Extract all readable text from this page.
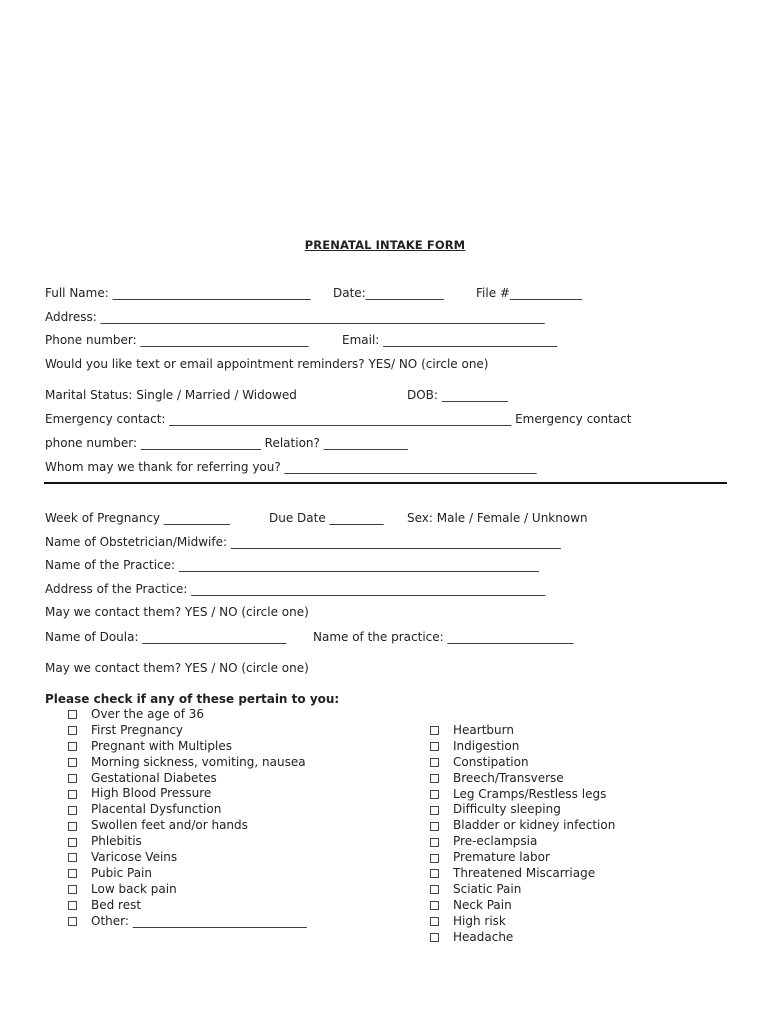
PRENATAL INTAKE FORM
Full Name: _________________________________ Date:_____________	File #____________
Address: __________________________________________________________________________
Phone number: ____________________________	Email: _____________________________
Would you like text or email appointment reminders? YES/ NO (circle one)
Marital Status: Single / Married / Widowed	DOB: ___________
Emergency contact: _________________________________________________________ Emergency contact
phone number: ____________________ Relation? ______________
Whom may we thank for referring you? __________________________________________
Week of Pregnancy ___________	Due Date _________ Sex: Male / Female / Unknown
Name of Obstetrician/Midwife: _______________________________________________________
Name of the Practice: ____________________________________________________________
Address of the Practice: ___________________________________________________________
May we contact them? YES / NO (circle one)
Name of Doula: ________________________ Name of the practice: _____________________
May we contact them? YES / NO (circle one)
Please check if any of these pertain to you:
Over the age of 36
First Pregnancy
Pregnant with Multiples
Morning sickness, vomiting, nausea
Gestational Diabetes
High Blood Pressure
Placental Dysfunction
Swollen feet and/or hands
Phlebitis
Varicose Veins
Pubic Pain
Low back pain
Bed rest
Other: _____________________________
Heartburn
Indigestion
Constipation
Breech/Transverse
Leg Cramps/Restless legs
Difficulty sleeping
Bladder or kidney infection
Pre-eclampsia
Premature labor
Threatened Miscarriage
Sciatic Pain
Neck Pain
High risk
Headache
